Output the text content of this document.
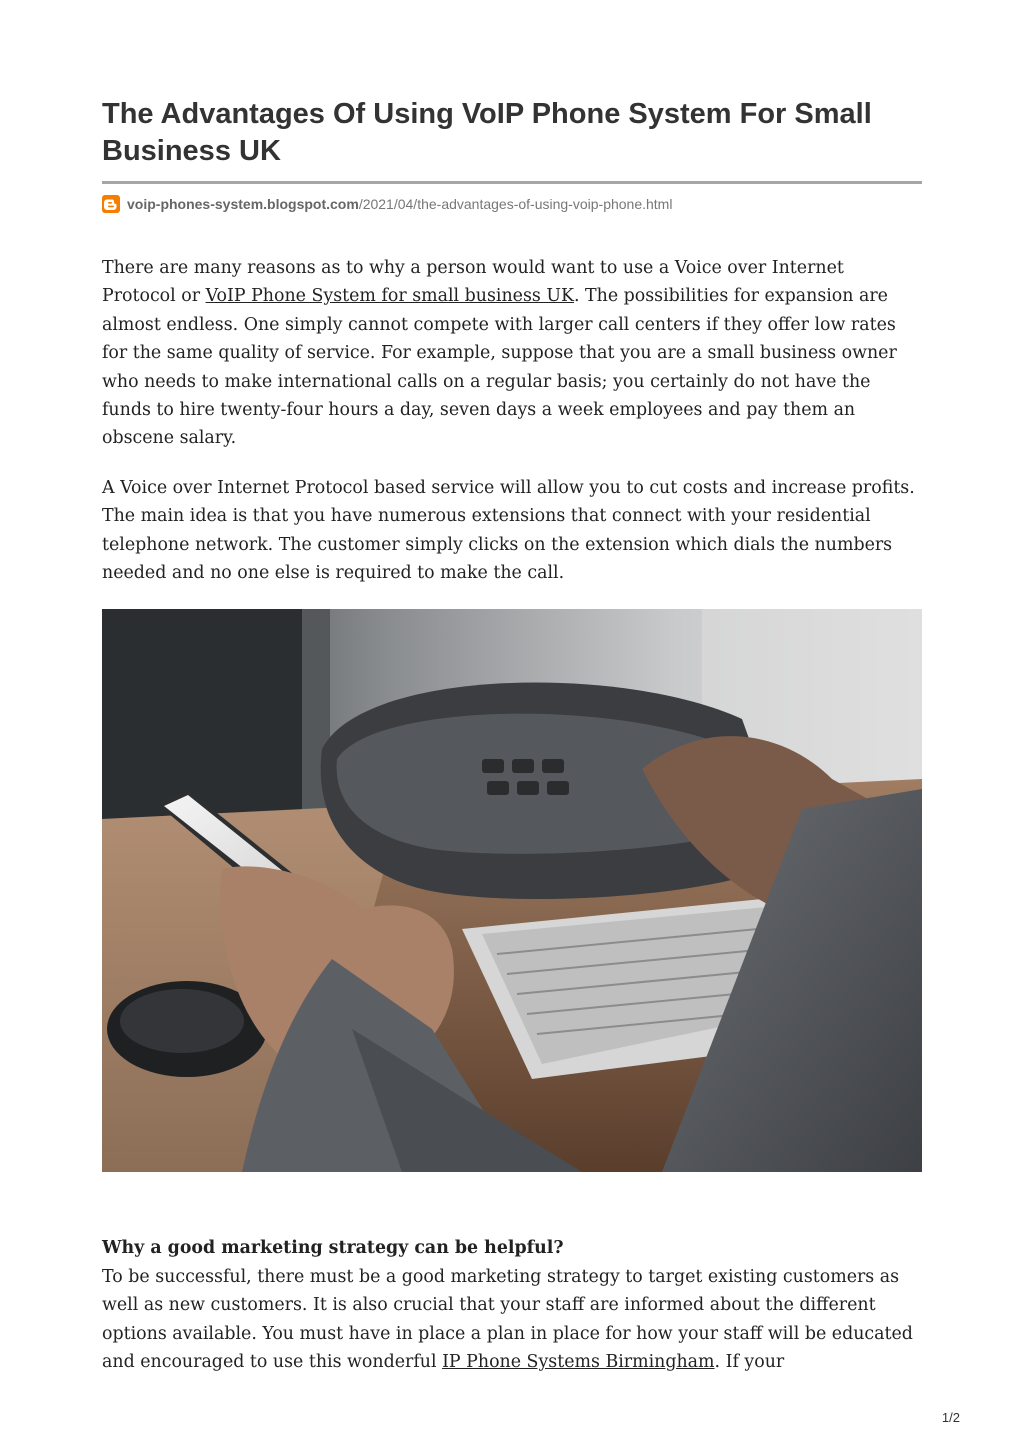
The Advantages Of Using VoIP Phone System For Small Business UK
voip-phones-system.blogspot.com /2021/04/the-advantages-of-using-voip-phone.html

There are many reasons as to why a person would want to use a Voice over Internet Protocol or VoIP Phone System for small business UK. The possibilities for expansion are almost endless. One simply cannot compete with larger call centers if they offer low rates for the same quality of service. For example, suppose that you are a small business owner who needs to make international calls on a regular basis; you certainly do not have the funds to hire twenty-four hours a day, seven days a week employees and pay them an obscene salary.

A Voice over Internet Protocol based service will allow you to cut costs and increase profits. The main idea is that you have numerous extensions that connect with your residential telephone network. The customer simply clicks on the extension which dials the numbers needed and no one else is required to make the call.

Why a good marketing strategy can be helpful?

To be successful, there must be a good marketing strategy to target existing customers as well as new customers. It is also crucial that your staff are informed about the different options available. You must have in place a plan in place for how your staff will be educated and encouraged to use this wonderful IP Phone Systems Birmingham. If your

1/2
